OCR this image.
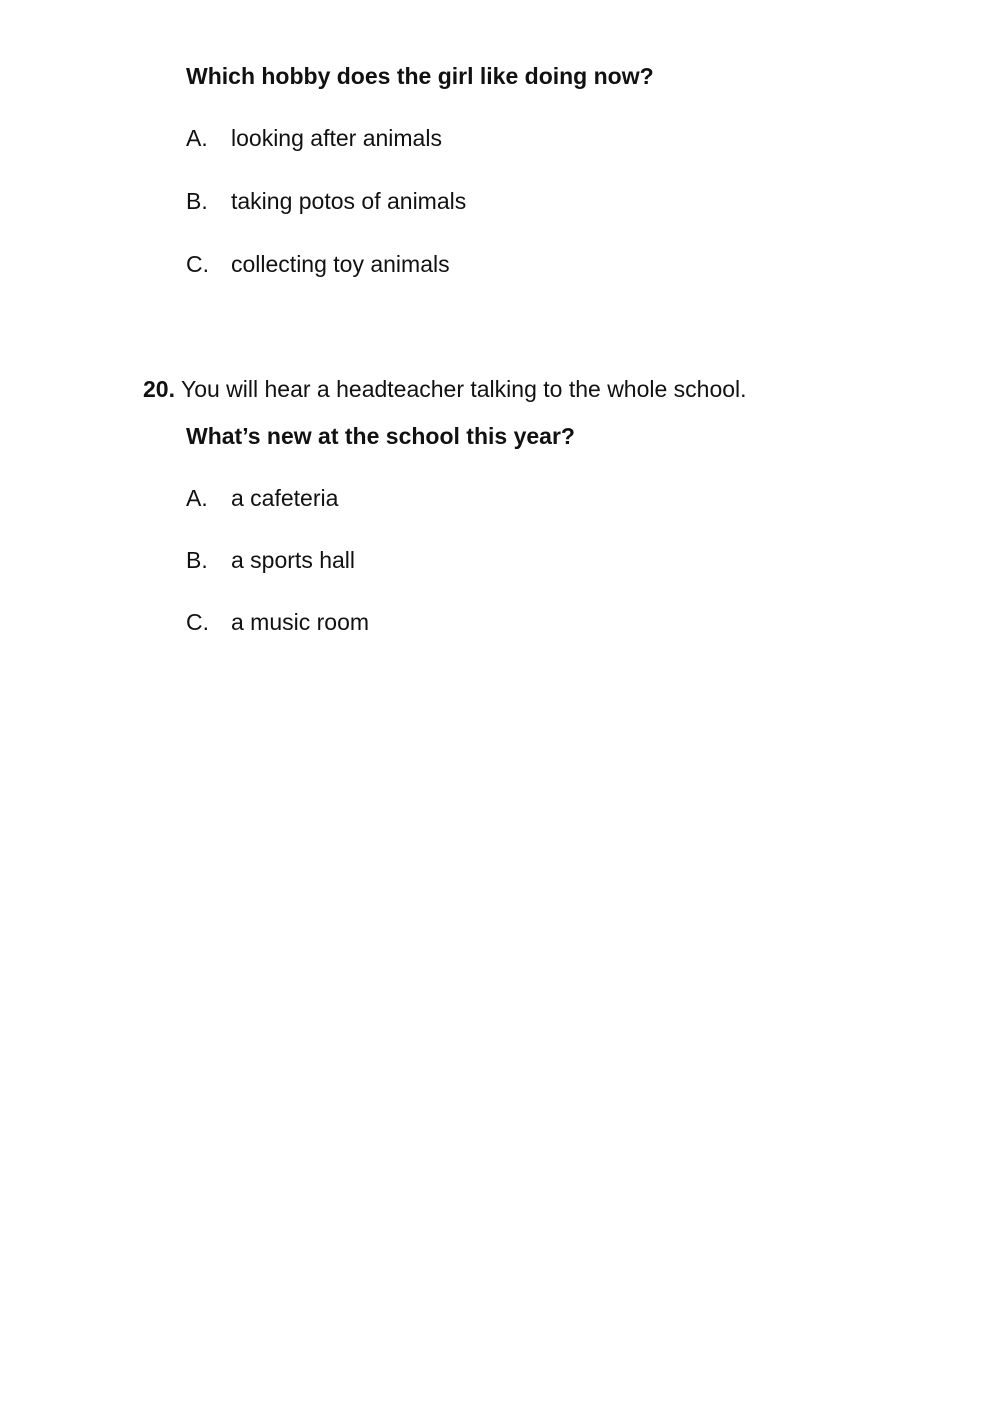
Which hobby does the girl like doing now?
A. looking after animals
B. taking potos of animals
C. collecting toy animals
20. You will hear a headteacher talking to the whole school.
What’s new at the school this year?
A. a cafeteria
B. a sports hall
C. a music room
